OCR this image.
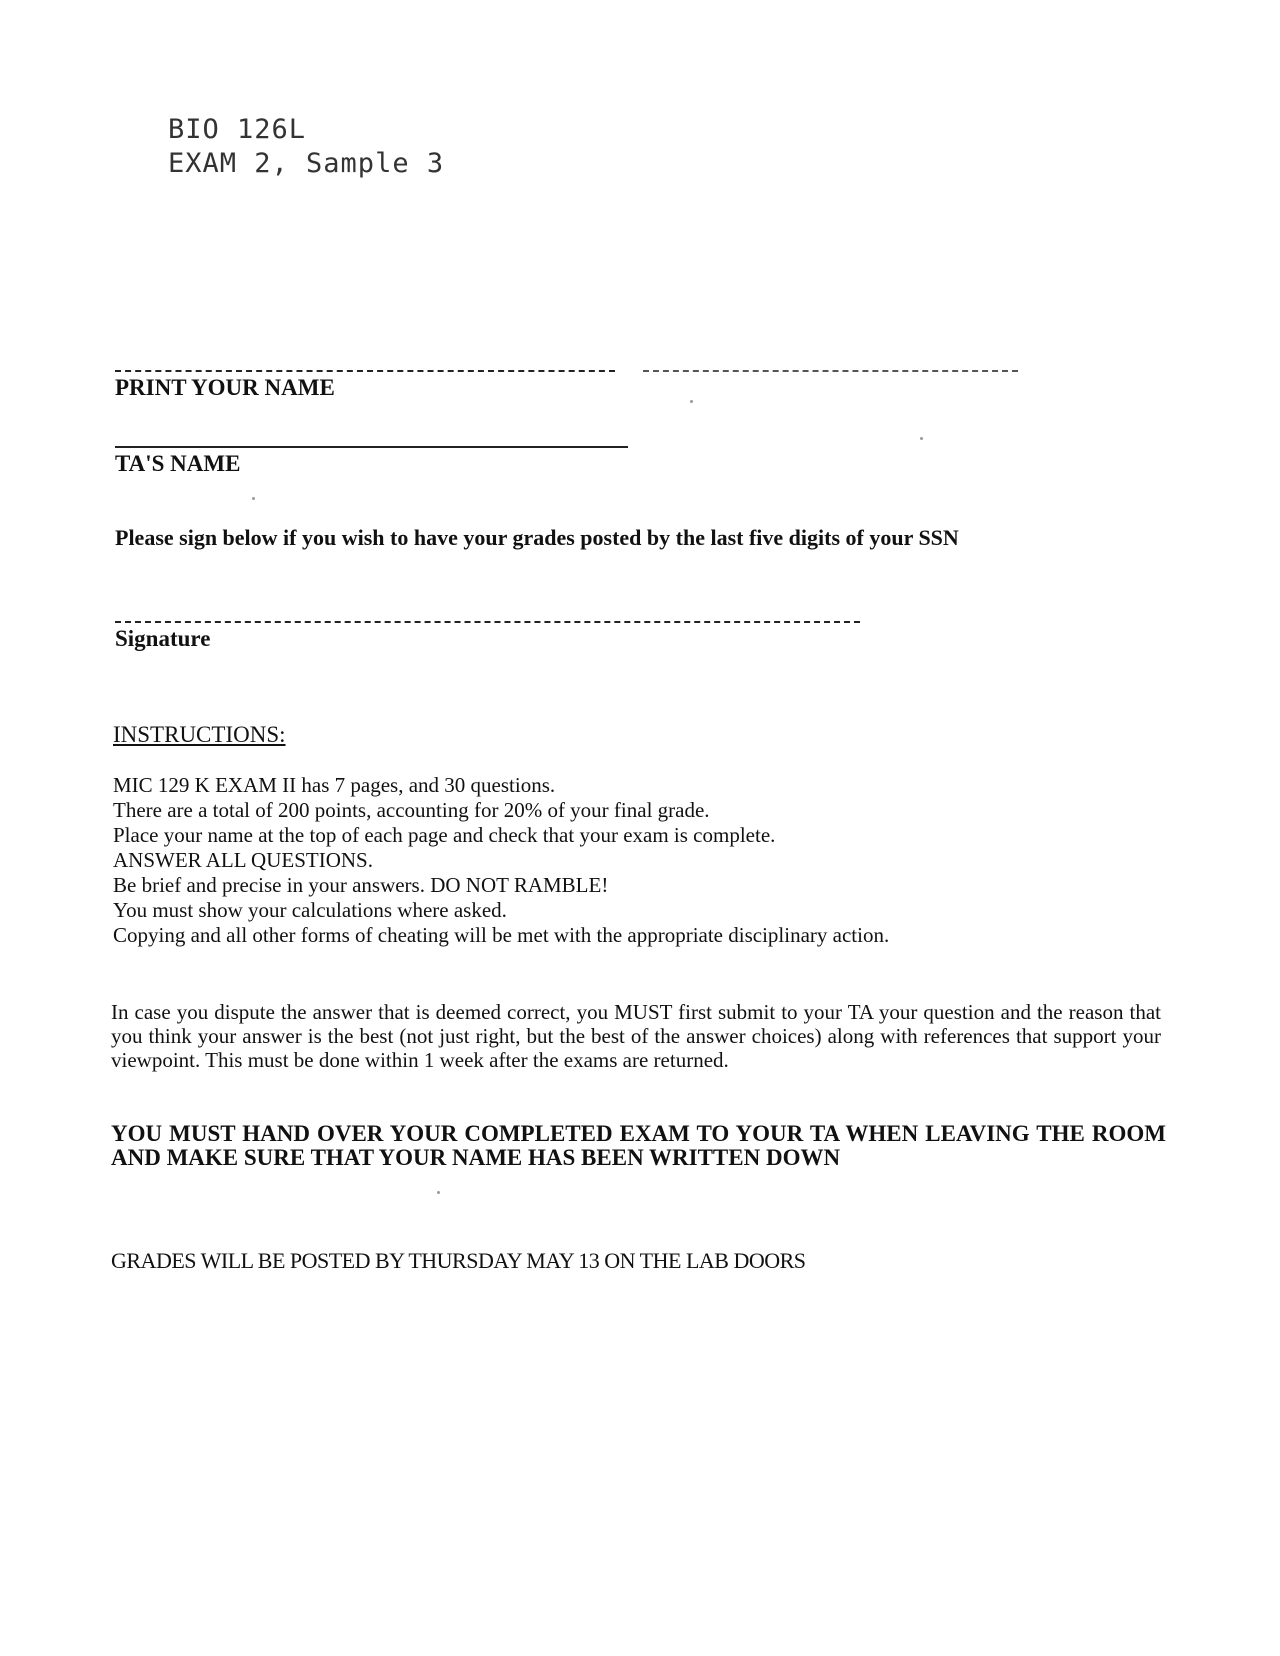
BIO 126L
EXAM 2, Sample 3
PRINT YOUR NAME
TA'S NAME
Please sign below if you wish to have your grades posted by the last five digits of your SSN
Signature
INSTRUCTIONS:
MIC 129 K EXAM II has 7 pages, and 30 questions.
There are a total of 200 points, accounting for 20% of your final grade.
Place your name at the top of each page and check that your exam is complete.
ANSWER ALL QUESTIONS.
Be brief and precise in your answers. DO NOT RAMBLE!
You must show your calculations where asked.
Copying and all other forms of cheating will be met with the appropriate disciplinary action.
In case you dispute the answer that is deemed correct, you MUST first submit to your TA your question and the reason that you think your answer is the best (not just right, but the best of the answer choices) along with references that support your viewpoint. This must be done within 1 week after the exams are returned.
YOU MUST HAND OVER YOUR COMPLETED EXAM TO YOUR TA WHEN LEAVING THE ROOM AND MAKE SURE THAT YOUR NAME HAS BEEN WRITTEN DOWN
GRADES WILL BE POSTED BY THURSDAY MAY 13 ON THE LAB DOORS
